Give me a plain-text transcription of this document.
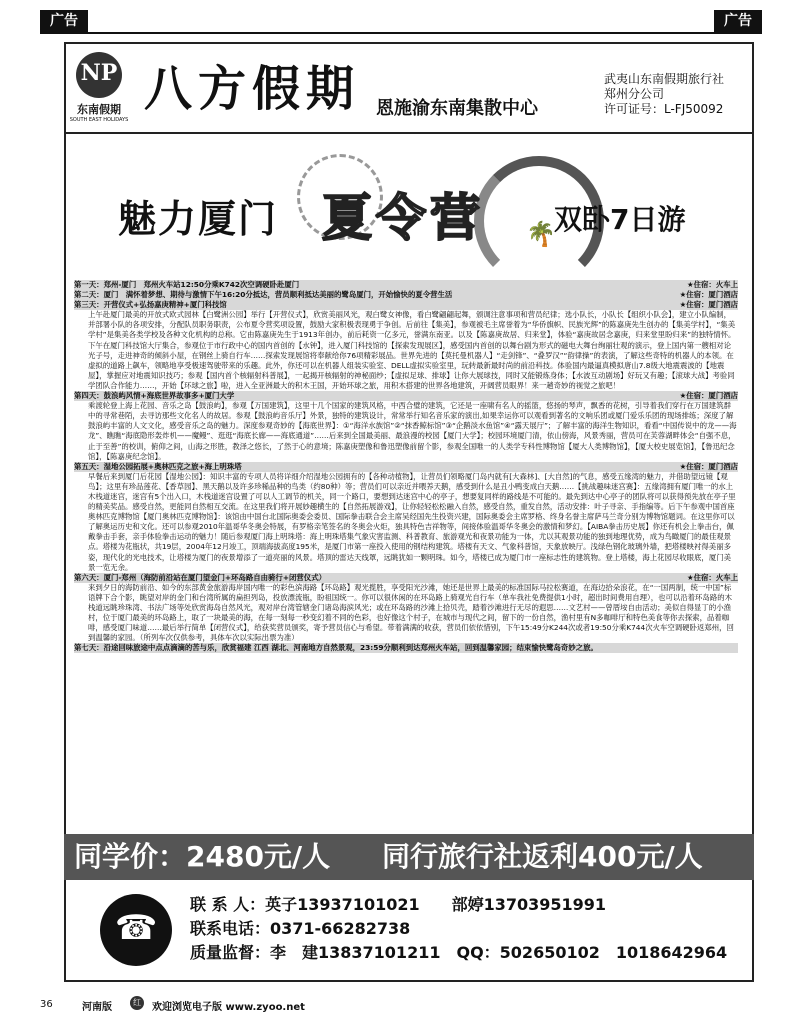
广告	广告
NP
东南假期
SOUTH EAST HOLIDAYS
八方假期 恩施渝东南集散中心
武夷山东南假期旅行社
郑州分公司
许可证号：L-FJ50092
🌴
魅力厦门 夏令营	双卧7日游
第一天：郑州-厦门　郑州火车站12:50分乘K742次空调硬卧赴厦门	★住宿：火车上
第二天：厦门　满怀着梦想、期待与激情下午16:20分抵达，营员顺利抵达美丽的鹭岛厦门，开始愉快的夏令营生活	★住宿：厦门酒店
第三天：开营仪式+弘扬嘉庚精神+厦门科技馆	★住宿：厦门酒店
上午赴厦门最美的开放式欧式园林【白鹭洲公园】举行【开营仪式】，欣赏美丽风光，观白鹭女神像，看白鹭翩翩起舞，颁调注意事项和营员纪律；选小队长，小队长【组织小队会】，建立小队编制，并部署小队的各项安排，分配队员职务职责，公布夏令营奖项设置，鼓励大家积极表现勇于争创。后前往【集美】，参观被毛主席誉着为“华侨旗帜、民族光辉”的陈嘉庚先生创办的【集美学村】，“集美学村”是集美各类学校及各种文化机构的总称。它由陈嘉庚先生于1913年创办，前后耗资一亿多元，誉满东南亚。以及【陈嘉庚故居、归来堂】，体验“嘉庚故居念嘉庚，归来堂里盼归来”的独特情怀。下午在厦门科技馆大厅集合，参观位于市行政中心的国内首创的【水钟】，进入厦门科技馆的【探索发现展区】，感受国内首创的以舞台剧为形式的磁电大舞台绚丽壮观的演示，登上国内第一艘相对论光子号，走进神奇的倾斜小屋，在钢丝上骑自行车……探索发现展馆将奉献给你76项精彩展品。世界先进的【莫托曼机器人】“走剑锋”、“叠罗汉”“韵律操”的表演，了解这些奇特的机器人的本领。在虚拟的道路上飙车，领略地享受极速驾驶带来的乐趣。此外，你还可以在机器人组装实验室、DELL虚拟实验室里，玩转最新最时尚的前沿科技。体验国内最逼真模拟唐山7.8级大地震震波的【地震屋】，掌握应对地震知识技巧；参观【国内首个核辐射科普展】，一起揭开核辐射的神秘面纱；【虚拟足球、排球】让你大展球技，同时又能锻炼身体；【水波互动剧场】好玩又有趣；【滚球大战】考验同学团队合作能力……，开始【环球之旅】啦，进入全亚洲最大的积木王国，开始环球之旅，用积木搭建的世界各地建筑，开阔营员眼界！来一趟奇妙的视觉之旅吧！
第四天：鼓浪屿风情+海底世界故事多+厦门大学	★住宿：厦门酒店
乘渡轮登上海上花园、音乐之岛【鼓浪屿】，参观【万国建筑】，这里十几个国家的建筑风格，中西合璧的建筑，它还是一座啸有名人的摇篮，悠扬的琴声，飘香的花树，引导着我们穿行在万国建筑群中的寻常巷陌，去寻访那些文化名人的故居。参观【鼓浪屿音乐厅】外景，独特的建筑设计，常常举行知名音乐家的演出,如果幸运你可以观看到著名的文响乐团或厦门爱乐乐团的现场排练；深度了解鼓浪屿丰富的人文文化，感受音乐之岛的魅力。深度参观奇妙的【海底世界】：①“海洋水族馆”②“抹香鲸标馆”③“企鹅淡水鱼馆”④“露天展厅”；了解丰富的海洋生物知识，看看“中国传说中的龙——海龙”、瞧瞧“海底隐形轰炸机——魔鳗”、逛逛“海底长廊——海底通道”……后来到全国最美丽、最浪漫的校园【厦门大学】；校园环境厦门清，依山傍海，风景秀丽，营员可在芙蓉湖畔体会“自强不息，止于至善”的校训，俯仰之间，山海之形胜，教泽之悠长，了然于心的意境；陈嘉庚塑像和鲁迅塑像前留个影，参观全国唯一的人类学专科性博物馆【厦大人类博物馆】，【厦大校史展览馆】，【鲁迅纪念馆】，【陈嘉庚纪念馆】。
第五天：湿地公园拓展+奥林匹克之旅+海上明珠塔	★住宿：厦门酒店
早餐后来到厦门后花园【湿地公园】：知识丰富的专项人员将详细介绍湿地公园拥有的【各种动植物】，让营员们领略厦门岛内就有[大森林]、[大自然]的气息，感受五缘湾的魅力，并借助望远镜【观鸟】；这里有珍品莲花、【香草园】、黑天鹅以及许多珍稀品种的鸟类（约80种）等；营员们可以亲近并喂养天鹅，感受到什么是丑小鸭变成白天鹅……【挑战趣味迷宫赛】：五缘湾拥有厦门唯一的水上木栈道迷宫，迷宫有5个出入口，木栈道迷宫设置了可以人工调节的机关，同一个路口，要想到达迷宫中心的亭子，想要复同样的路线是不可能的。最先到达中心亭子的团队将可以获得预先放在亭子里的精美奖品。感受自然，更能同自然相互交流。在这里我们将开展妙趣横生的【自然拓展游戏】，让你轻轻松松融入自然，感受自然，重发自然，活动安排：叶子寻亲、手指编等。后下午参观中国首座奥林匹克博物馆【厦门奥林匹克博物馆】：该馆由中国台北国际奥委会委员、国际拳击联合会主席吴经国先生投资兴建，国际奥委会主席罗格、终身名誉主席萨马兰奇分别为博物馆题词。在这里你可以了解奥运历史和文化。还可以参观2010年温哥华冬奥会特展，有罗格亲笔签名的冬奥会火炬，独具特色吉祥物等，间接体验温哥华冬奥会的激情和梦幻。【AIBA拳击历史展】你还有机会上拳击台，佩戴拳击手套，亲手体验拳击运动的魅力！随后参观厦门海上明珠塔：海上明珠塔集气象灾害监测、科普教育、旅游观光和夜景功能为一体，尤以其观景功能的独到地理优势，成为鸟瞰厦门的最佳观景点。塔楼为花瓶状，共19层，2004年12月竣工，顶端海拔高度195米，是厦门市第一座投入使用的钢结构建筑。塔楼有天文、气象科普馆，天象放映厅。浅绿色钢化玻璃外墙，把塔楼映衬得美丽多姿，现代化的光电技术，让塔楼为厦门的夜景增添了一道亮丽的风景。塔顶的雷达天线罩，远眺犹如一颗明珠。如今，塔楼已成为厦门市一座标志性的建筑物。登上塔楼，海上花园尽收眼底，厦门美景一览无余。
第六天：厦门-郑州（海防前沿站在厦门望金门+环岛路自由骑行+闭营仪式）	★住宿：火车上
来到夕日的海防前沿、如今的东部黄金旅游海岸国内唯一的彩色滨海路【环岛路】观光揽胜，享受阳光沙滩，她还是世界上最美的标准国际马拉松赛道，在海边拾朵浪花，在“一国两制，统一中国”标语牌下合个影，眺望对岸的金门和台湾所属的扁担列岛，投放漂流瓶，盼祖国统一。你可以很休闲的在环岛路上骑观光自行车（单车我社免费提供1小时，超出时间费用自理），也可以沿着环岛路的木栈道远眺珍珠湾、书法广场等处欣赏海岛自然风光，观对岸台湾管辖金门诸岛海滨风光；或在环岛路的沙滩上拾贝壳，踏着沙滩进行无尽的遐思……文艺村——曾厝垵自由活动；美似自得显丁的小渔村，位于厦门最美的环岛路上，取了一块最美的海，在每一刻每一秒变幻着不同的色彩，也好像这个村子，在城市与现代之间，留下的一份自然，渔村里有N多咖啡厅和特色美食等你去探索，品着咖啡，感受厦门味道……最后举行简单【闭营仪式】，给获奖营员颁奖，寄予营员信心与希望。带着满满的收获，营员们依依惜别，下午15:49分K244次或者19:50分乘K744次火车空调硬卧返郑州，回到温馨的家园。（所列车次仅供参考，具体车次以实际出票为准）
第七天：沿途回味旅途中点点滴滴的苦与乐，欣赏福建 江西 湖北、河南地方自然景观，23:59分顺利到达郑州火车站，回到温馨家园；结束愉快鹭岛奇妙之旅。
同学价：2480元/人 同行旅行社返利400元/人
☎
联 系 人：英子13937101021　　部婷13703951991
联系电话：0371-66282738
质量监督：李　建13837101211　QQ：502650102　1018642964
36	河南版	红	欢迎浏览电子版 www.zyoo.net
